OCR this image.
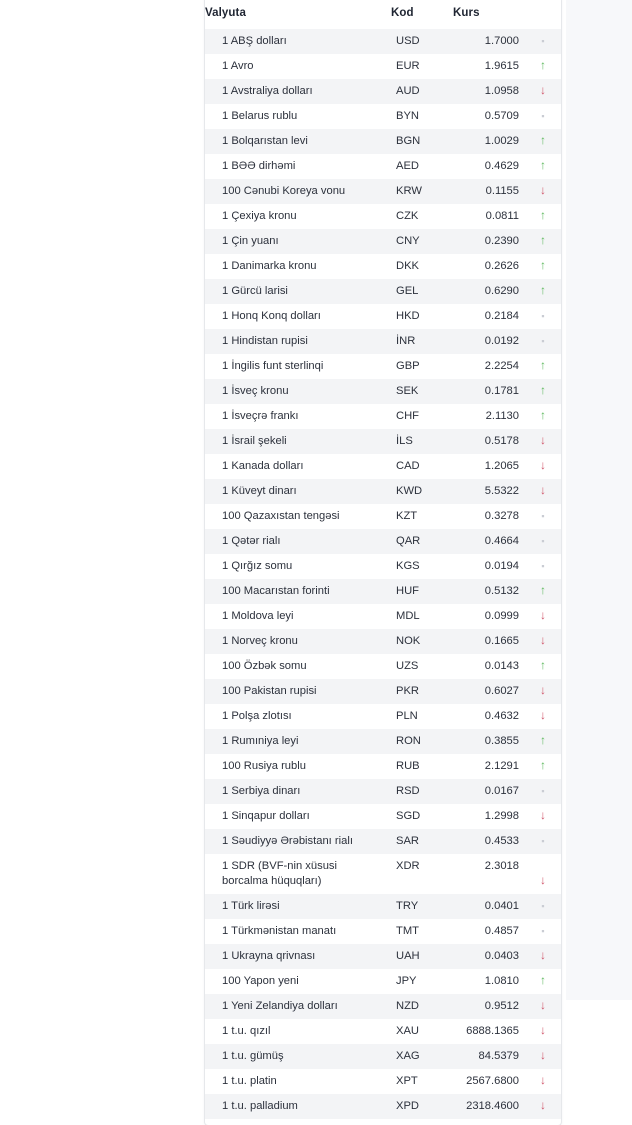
Valyuta	Kod	Kurs	
1 ABŞ dolları	USD	1.7000	▪
1 Avro	EUR	1.9615	↑
1 Avstraliya dolları	AUD	1.0958	↓
1 Belarus rublu	BYN	0.5709	▪
1 Bolqarıstan levi	BGN	1.0029	↑
1 BƏƏ dirhəmi	AED	0.4629	↑
100 Cənubi Koreya vonu	KRW	0.1155	↓
1 Çexiya kronu	CZK	0.0811	↑
1 Çin yuanı	CNY	0.2390	↑
1 Danimarka kronu	DKK	0.2626	↑
1 Gürcü larisi	GEL	0.6290	↑
1 Honq Konq dolları	HKD	0.2184	▪
1 Hindistan rupisi	İNR	0.0192	▪
1 İngilis funt sterlinqi	GBP	2.2254	↑
1 İsveç kronu	SEK	0.1781	↑
1 İsveçrə frankı	CHF	2.1130	↑
1 İsrail şekeli	İLS	0.5178	↓
1 Kanada dolları	CAD	1.2065	↓
1 Küveyt dinarı	KWD	5.5322	↓
100 Qazaxıstan tengəsi	KZT	0.3278	▪
1 Qətər rialı	QAR	0.4664	▪
1 Qırğız somu	KGS	0.0194	▪
100 Macarıstan forinti	HUF	0.5132	↑
1 Moldova leyi	MDL	0.0999	↓
1 Norveç kronu	NOK	0.1665	↓
100 Özbək somu	UZS	0.0143	↑
100 Pakistan rupisi	PKR	0.6027	↓
1 Polşa zlotısı	PLN	0.4632	↓
1 Rumıniya leyi	RON	0.3855	↑
100 Rusiya rublu	RUB	2.1291	↑
1 Serbiya dinarı	RSD	0.0167	▪
1 Sinqapur dolları	SGD	1.2998	↓
1 Səudiyyə Ərəbistanı rialı	SAR	0.4533	▪
1 SDR (BVF-nin xüsusi borcalma hüquqları)	XDR	2.3018	↓
1 Türk lirəsi	TRY	0.0401	▪
1 Türkmənistan manatı	TMT	0.4857	▪
1 Ukrayna qrivnası	UAH	0.0403	↓
100 Yapon yeni	JPY	1.0810	↑
1 Yeni Zelandiya dolları	NZD	0.9512	↓
1 t.u. qızıl	XAU	6888.1365	↓
1 t.u. gümüş	XAG	84.5379	↓
1 t.u. platin	XPT	2567.6800	↓
1 t.u. palladium	XPD	2318.4600	↓
